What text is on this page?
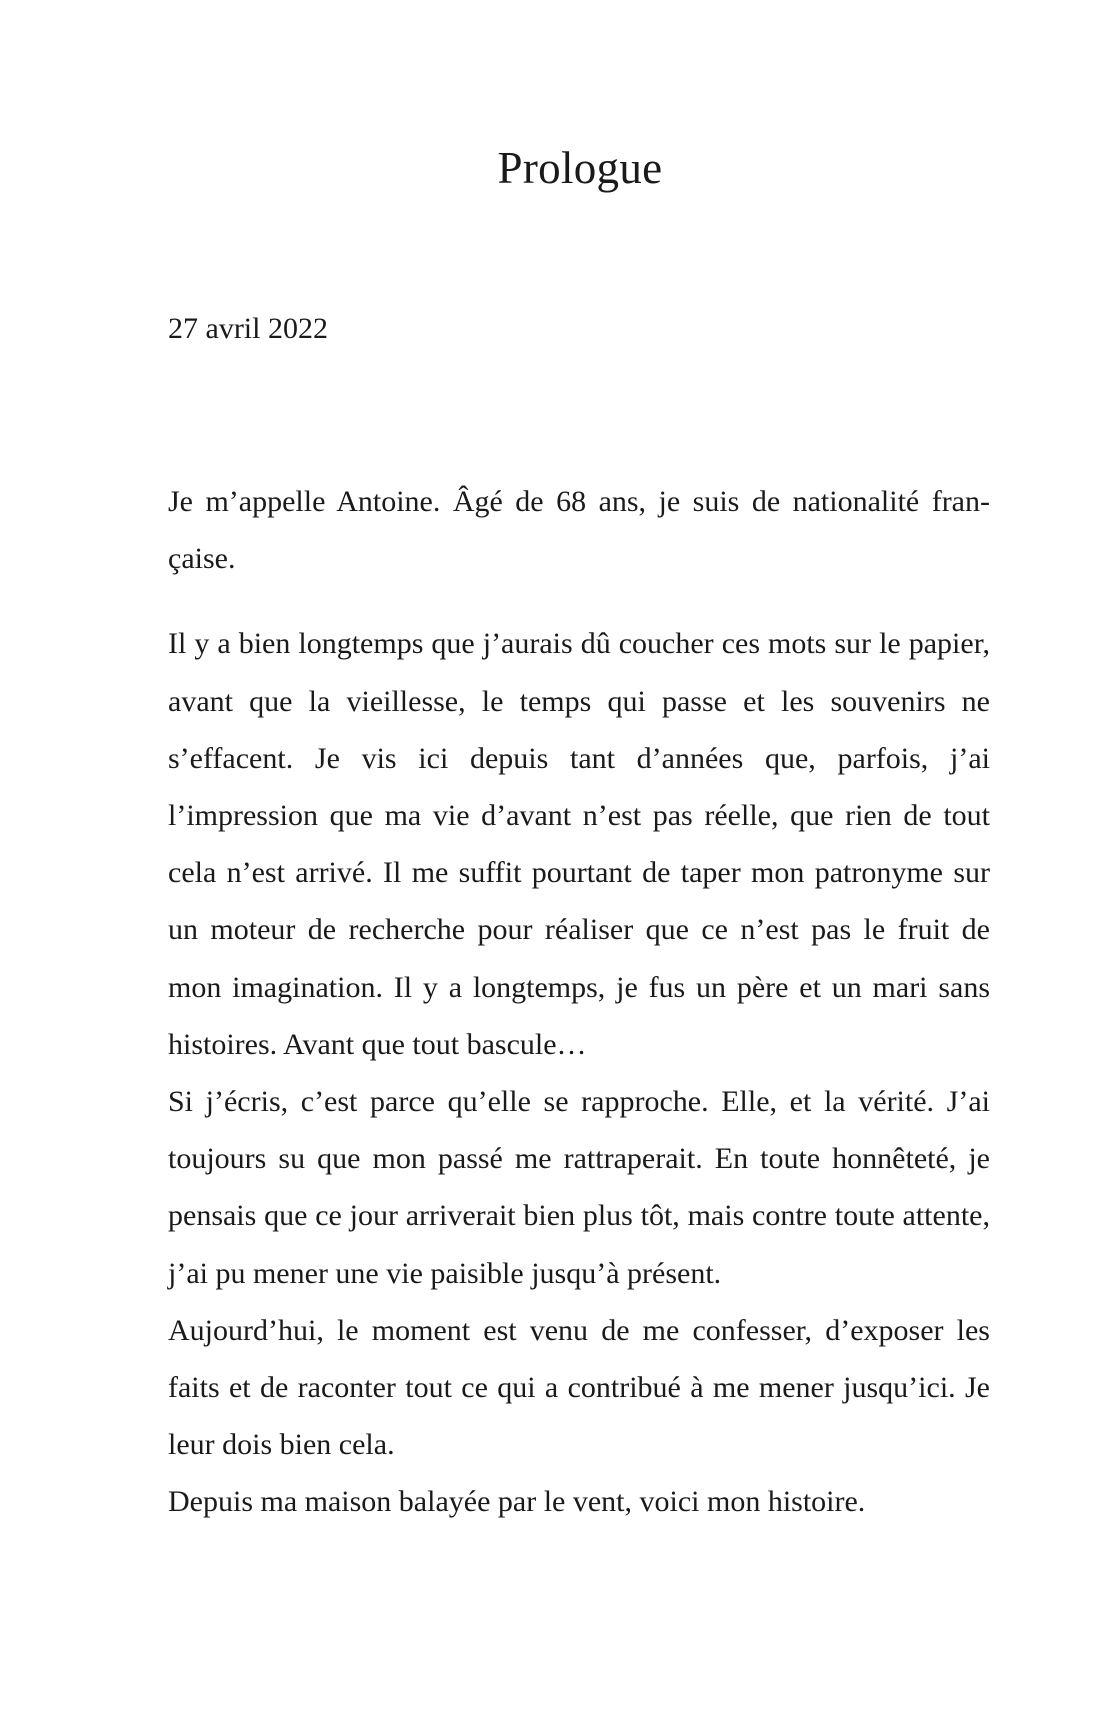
Prologue

27 avril 2022

Je m’appelle Antoine. Âgé de 68 ans, je suis de nationalité française.

Il y a bien longtemps que j’aurais dû coucher ces mots sur le papier, avant que la vieillesse, le temps qui passe et les souvenirs ne s’effacent. Je vis ici depuis tant d’années que, parfois, j’ai l’impression que ma vie d’avant n’est pas réelle, que rien de tout cela n’est arrivé. Il me suffit pourtant de taper mon patronyme sur un moteur de recherche pour réaliser que ce n’est pas le fruit de mon imagination. Il y a longtemps, je fus un père et un mari sans histoires. Avant que tout bascule…

Si j’écris, c’est parce qu’elle se rapproche. Elle, et la vérité. J’ai toujours su que mon passé me rattraperait. En toute honnêteté, je pensais que ce jour arriverait bien plus tôt, mais contre toute attente, j’ai pu mener une vie paisible jusqu’à présent.

Aujourd’hui, le moment est venu de me confesser, d’exposer les faits et de raconter tout ce qui a contribué à me mener jusqu’ici. Je leur dois bien cela.

Depuis ma maison balayée par le vent, voici mon histoire.
